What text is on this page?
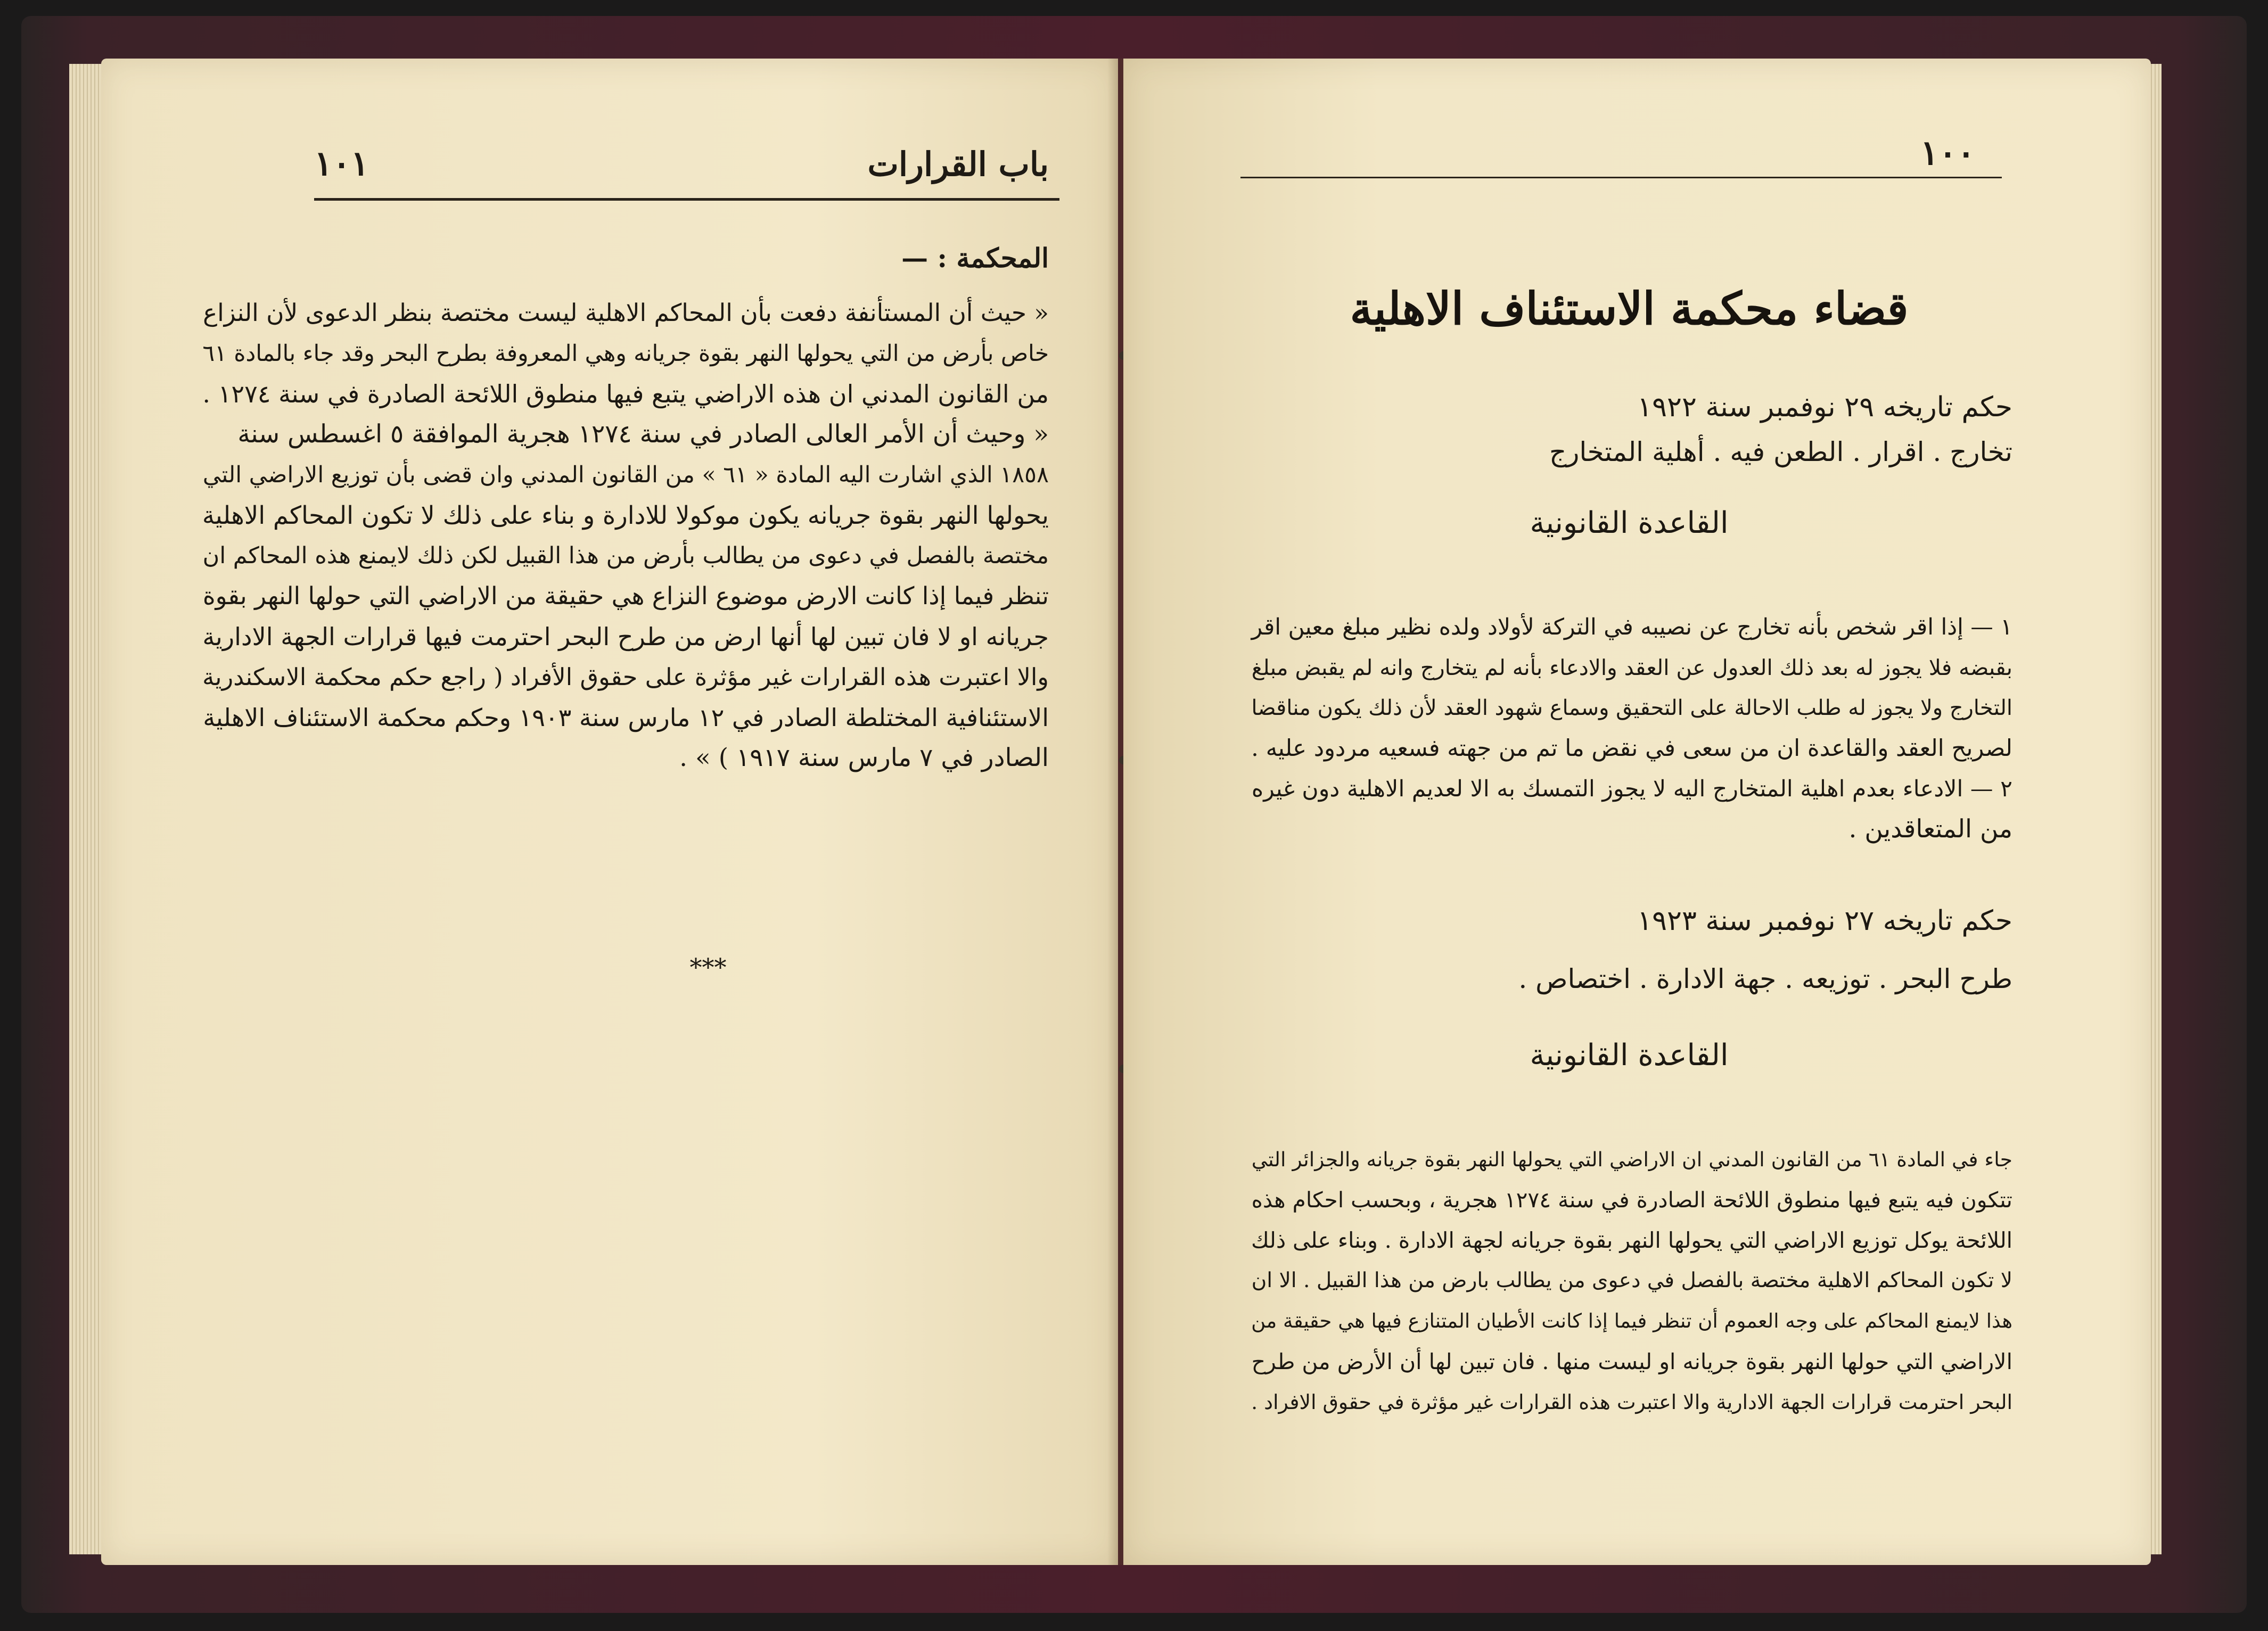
باب القرارات
١٠١
المحكمة : —
« حيث أن المستأنفة دفعت بأن المحاكم الاهلية ليست مختصة بنظر الدعوى لأن النزاع
خاص بأرض من التي يحولها النهر بقوة جريانه وهي المعروفة بطرح البحر وقد جاء بالمادة ٦١
من القانون المدني ان هذه الاراضي يتبع فيها منطوق اللائحة الصادرة في سنة ١٢٧٤ .
« وحيث أن الأمر العالى الصادر في سنة ١٢٧٤ هجرية الموافقة ٥ اغسطس سنة
١٨٥٨ الذي اشارت اليه المادة « ٦١ » من القانون المدني وان قضى بأن توزيع الاراضي التي
يحولها النهر بقوة جريانه يكون موكولا للادارة و بناء على ذلك لا تكون المحاكم الاهلية
مختصة بالفصل في دعوى من يطالب بأرض من هذا القبيل لكن ذلك لايمنع هذه المحاكم ان
تنظر فيما إذا كانت الارض موضوع النزاع هي حقيقة من الاراضي التي حولها النهر بقوة
جريانه او لا فان تبين لها أنها ارض من طرح البحر احترمت فيها قرارات الجهة الادارية
والا اعتبرت هذه القرارات غير مؤثرة على حقوق الأفراد ( راجع حكم محكمة الاسكندرية
الاستئنافية المختلطة الصادر في ١٢ مارس سنة ١٩٠٣ وحكم محكمة الاستئناف الاهلية
الصادر في ٧ مارس سنة ١٩١٧ ) » .
***
١٠٠
قضاء محكمة الاستئناف الاهلية
حكم تاريخه ٢٩ نوفمبر سنة ١٩٢٢
تخارج . اقرار . الطعن فيه . أهلية المتخارج
القاعدة القانونية
١ — إذا اقر شخص بأنه تخارج عن نصيبه في التركة لأولاد ولده نظير مبلغ معين اقر
بقبضه فلا يجوز له بعد ذلك العدول عن العقد والادعاء بأنه لم يتخارج وانه لم يقبض مبلغ
التخارج ولا يجوز له طلب الاحالة على التحقيق وسماع شهود العقد لأن ذلك يكون مناقضا
لصريح العقد والقاعدة ان من سعى في نقض ما تم من جهته فسعيه مردود عليه .
٢ — الادعاء بعدم اهلية المتخارج اليه لا يجوز التمسك به الا لعديم الاهلية دون غيره
من المتعاقدين .
حكم تاريخه ٢٧ نوفمبر سنة ١٩٢٣
طرح البحر . توزيعه . جهة الادارة . اختصاص .
القاعدة القانونية
جاء في المادة ٦١ من القانون المدني ان الاراضي التي يحولها النهر بقوة جريانه والجزائر التي
تتكون فيه يتبع فيها منطوق اللائحة الصادرة في سنة ١٢٧٤ هجرية ، وبحسب احكام هذه
اللائحة يوكل توزيع الاراضي التي يحولها النهر بقوة جريانه لجهة الادارة . وبناء على ذلك
لا تكون المحاكم الاهلية مختصة بالفصل في دعوى من يطالب بارض من هذا القبيل . الا ان
هذا لايمنع المحاكم على وجه العموم أن تنظر فيما إذا كانت الأطيان المتنازع فيها هي حقيقة من
الاراضي التي حولها النهر بقوة جريانه او ليست منها . فان تبين لها أن الأرض من طرح
البحر احترمت قرارات الجهة الادارية والا اعتبرت هذه القرارات غير مؤثرة في حقوق الافراد .
